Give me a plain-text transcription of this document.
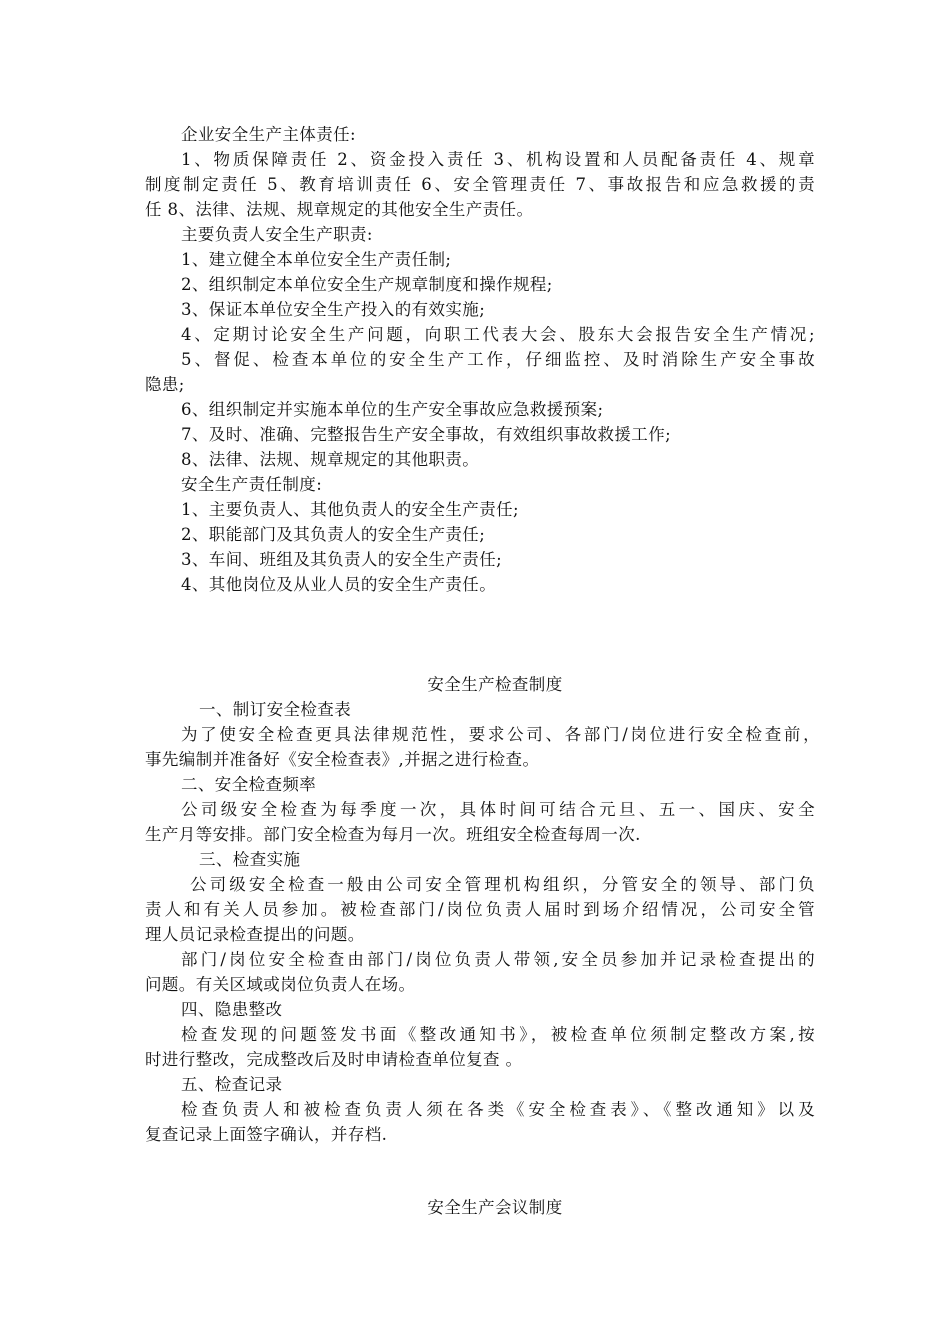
企业安全生产主体责任:
1、物质保障责任 2、资金投入责任 3、机构设置和人员配备责任 4、规章
制度制定责任 5、教育培训责任 6、安全管理责任 7、事故报告和应急救援的责
任 8、法律、法规、规章规定的其他安全生产责任。
主要负责人安全生产职责:
1、建立健全本单位安全生产责任制;
2、组织制定本单位安全生产规章制度和操作规程;
3、保证本单位安全生产投入的有效实施;
4、定期讨论安全生产问题，向职工代表大会、股东大会报告安全生产情况;
5、督促、检查本单位的安全生产工作，仔细监控、及时消除生产安全事故
隐患;
6、组织制定并实施本单位的生产安全事故应急救援预案;
7、及时、准确、完整报告生产安全事故，有效组织事故救援工作;
8、法律、法规、规章规定的其他职责。
安全生产责任制度:
1、主要负责人、其他负责人的安全生产责任;
2、职能部门及其负责人的安全生产责任;
3、车间、班组及其负责人的安全生产责任;
4、其他岗位及从业人员的安全生产责任。
安全生产检查制度
一、制订安全检查表
为了使安全检查更具法律规范性，要求公司、各部门/岗位进行安全检查前，
事先编制并准备好《安全检查表》,并据之进行检查。
二、安全检查频率
公司级安全检查为每季度一次，具体时间可结合元旦、五一、国庆、安全
生产月等安排。部门安全检查为每月一次。班组安全检查每周一次.
三、检查实施
公司级安全检查一般由公司安全管理机构组织，分管安全的领导、部门负
责人和有关人员参加。被检查部门/岗位负责人届时到场介绍情况，公司安全管
理人员记录检查提出的问题。
部门/岗位安全检查由部门/岗位负责人带领,安全员参加并记录检查提出的
问题。有关区域或岗位负责人在场。
四、隐患整改
检查发现的问题签发书面《整改通知书》，被检查单位须制定整改方案,按
时进行整改，完成整改后及时申请检查单位复查 。
五、检查记录
检查负责人和被检查负责人须在各类《安全检查表》、《整改通知》以及
复查记录上面签字确认，并存档.
安全生产会议制度
